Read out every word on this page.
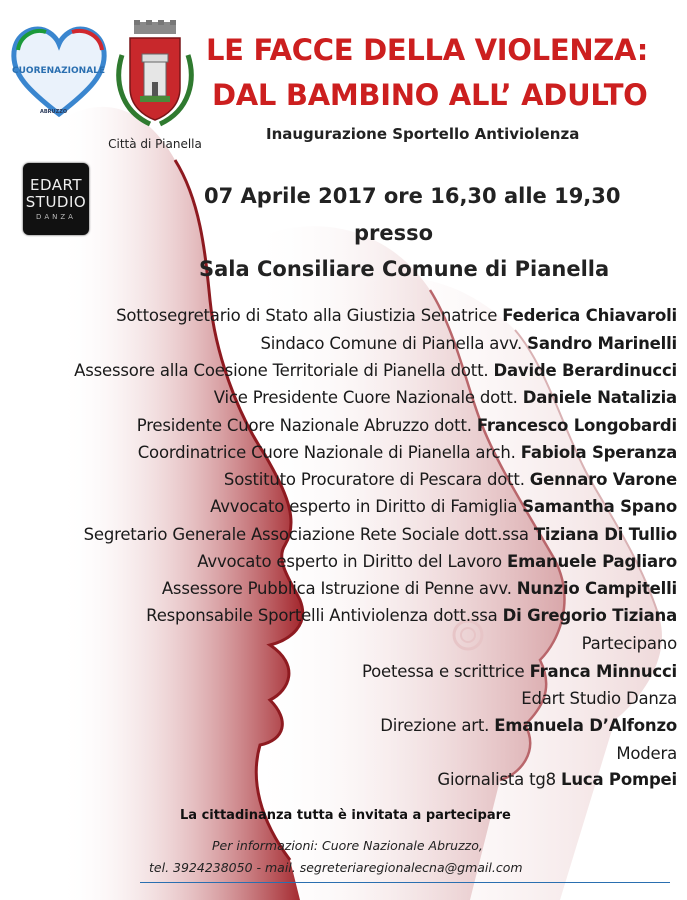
CUORENAZIONALE
ABRUZZO
Città di Pianella
EDART
STUDIO
DANZA
LE FACCE DELLA VIOLENZA:
DAL BAMBINO ALL’ ADULTO
Inaugurazione Sportello Antiviolenza
07 Aprile 2017 ore 16,30 alle 19,30
presso
Sala Consiliare Comune di Pianella
Sottosegretario di Stato alla Giustizia Senatrice Federica Chiavaroli
Sindaco Comune di Pianella avv. Sandro Marinelli
Assessore alla Coesione Territoriale di Pianella dott. Davide Berardinucci
Vice Presidente Cuore Nazionale dott. Daniele Natalizia
Presidente Cuore Nazionale Abruzzo dott. Francesco Longobardi
Coordinatrice Cuore Nazionale di Pianella arch. Fabiola Speranza
Sostituto Procuratore di Pescara dott. Gennaro Varone
Avvocato esperto in Diritto di Famiglia Samantha Spano
Segretario Generale Associazione Rete Sociale dott.ssa Tiziana Di Tullio
Avvocato esperto in Diritto del Lavoro Emanuele Pagliaro
Assessore Pubblica Istruzione di Penne avv. Nunzio Campitelli
Responsabile Sportelli Antiviolenza dott.ssa Di Gregorio Tiziana
Partecipano
Poetessa e scrittrice Franca Minnucci
Edart Studio Danza
Direzione art. Emanuela D’Alfonzo
Modera
Giornalista tg8 Luca Pompei
La cittadinanza tutta è invitata a partecipare
Per informazioni: Cuore Nazionale Abruzzo,
tel. 3924238050 - mail. segreteriaregionalecna@gmail.com
